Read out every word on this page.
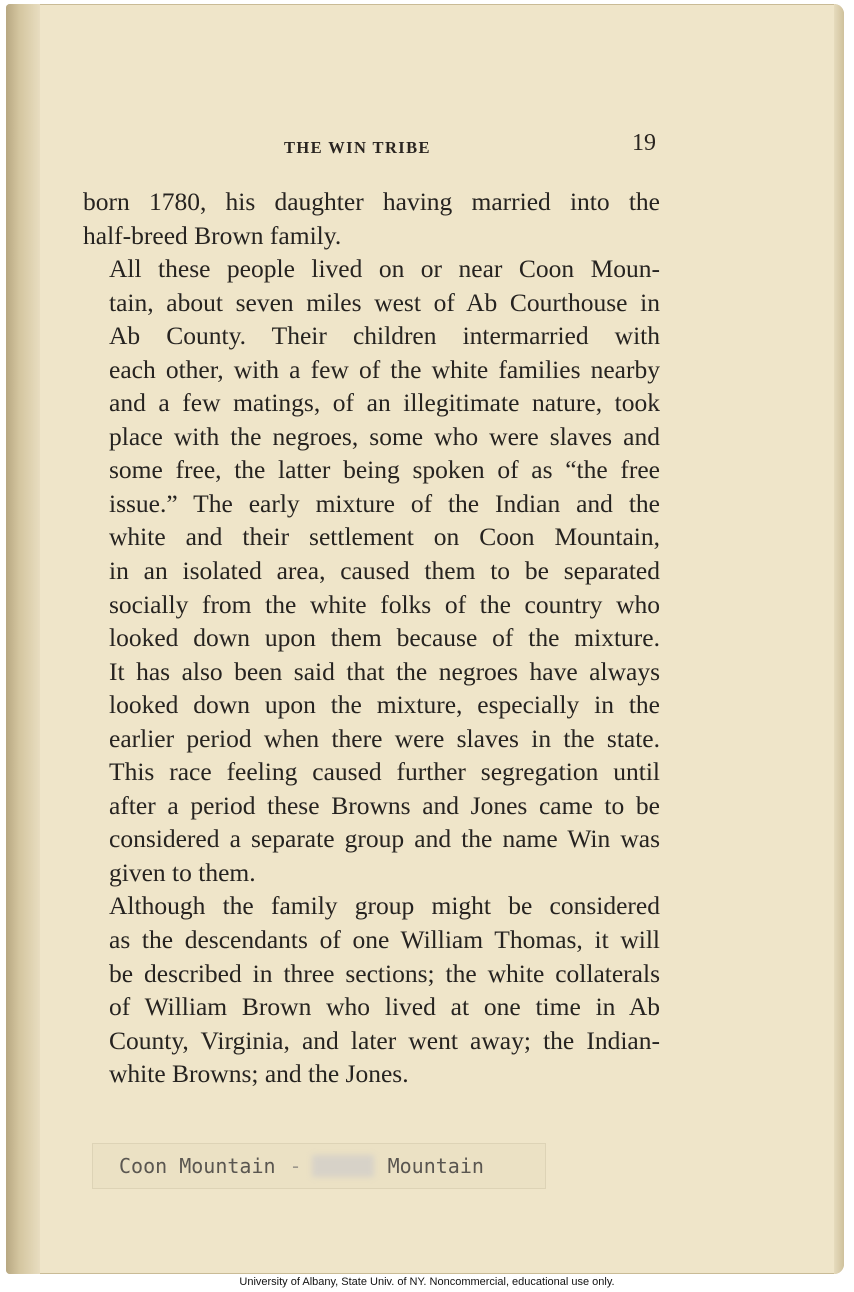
THE WIN TRIBE	19

born 1780, his daughter having married into the
half-breed Brown family.

All these people lived on or near Coon Moun-
tain, about seven miles west of Ab Courthouse in
Ab County. Their children intermarried with
each other, with a few of the white families nearby
and a few matings, of an illegitimate nature, took
place with the negroes, some who were slaves and
some free, the latter being spoken of as “the free
issue.” The early mixture of the Indian and the
white and their settlement on Coon Mountain,
in an isolated area, caused them to be separated
socially from the white folks of the country who
looked down upon them because of the mixture.
It has also been said that the negroes have always
looked down upon the mixture, especially in the
earlier period when there were slaves in the state.
This race feeling caused further segregation until
after a period these Browns and Jones came to be
considered a separate group and the name Win was
given to them.

Although the family group might be considered
as the descendants of one William Thomas, it will
be described in three sections; the white collaterals
of William Brown who lived at one time in Ab
County, Virginia, and later went away; the Indian-
white Browns; and the Jones.

Coon Mountain -	Mountain
University of Albany, State Univ. of NY. Noncommercial, educational use only.
